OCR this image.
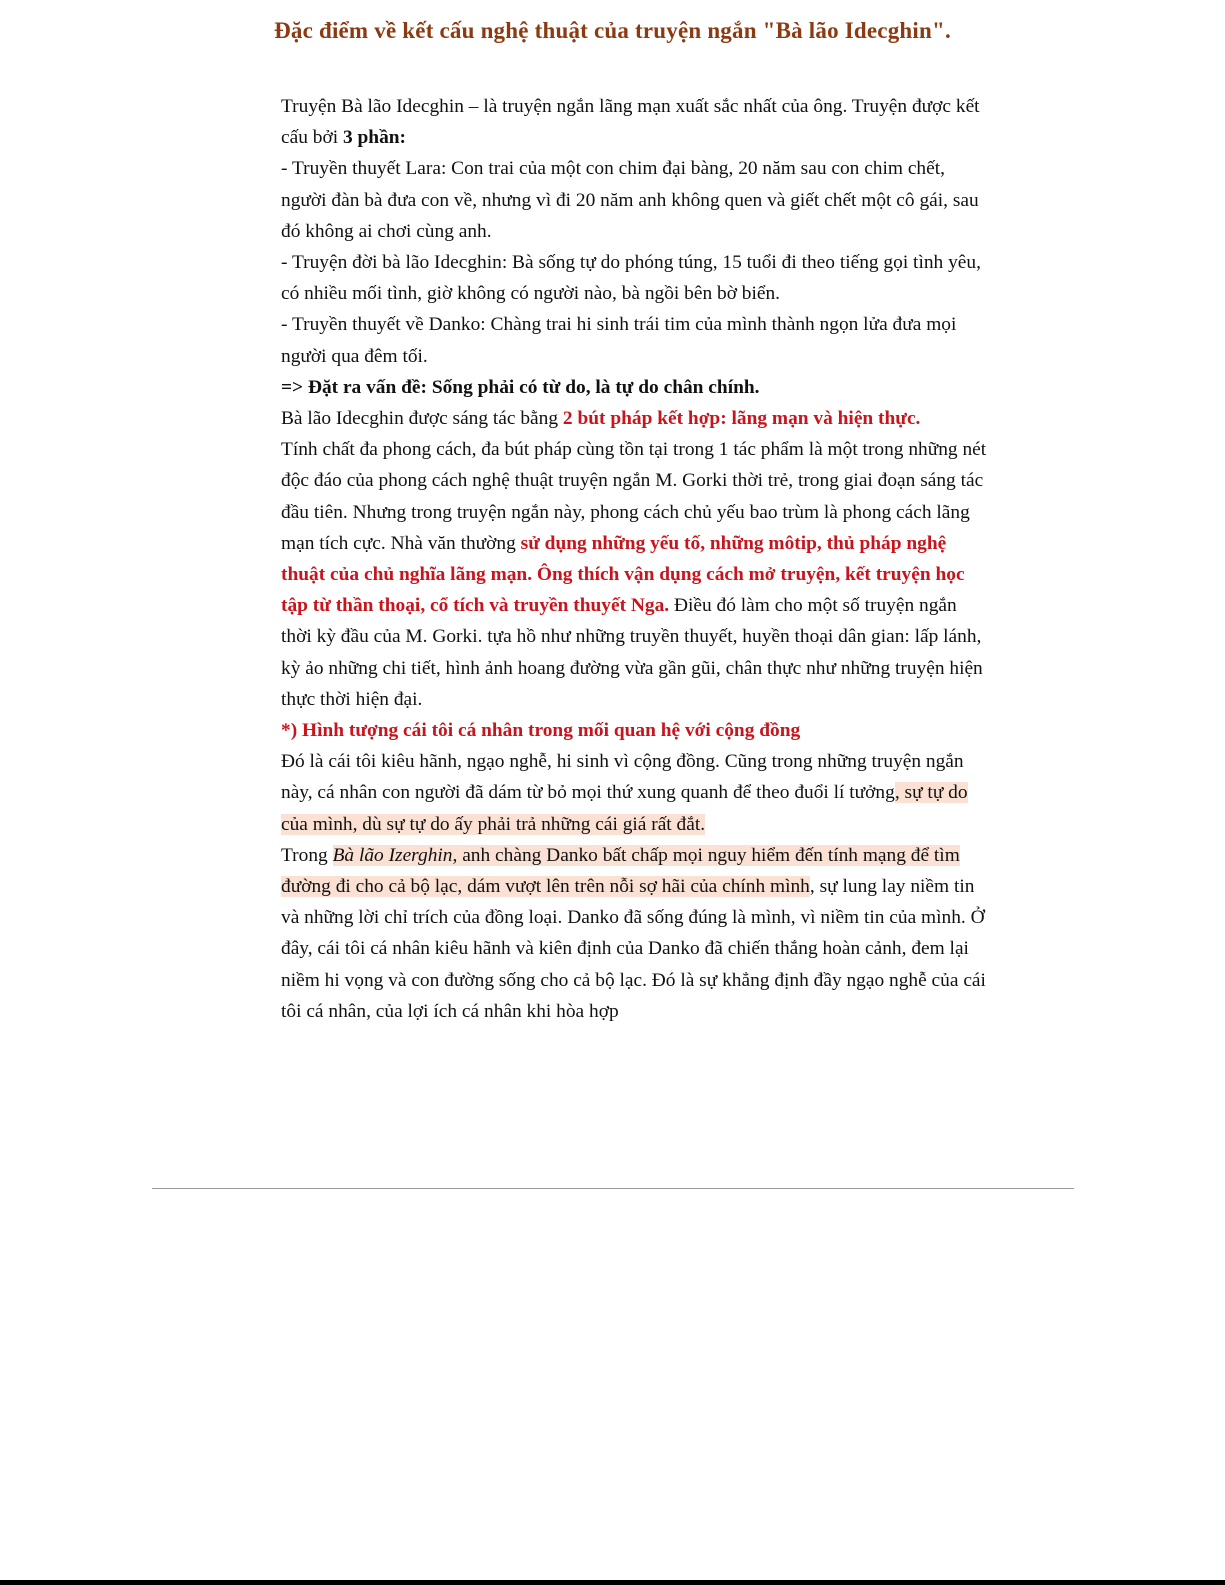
Đặc điểm về kết cấu nghệ thuật của truyện ngắn "Bà lão Idecghin".

Truyện Bà lão Idecghin – là truyện ngắn lãng mạn xuất sắc nhất của ông. Truyện được kết cấu bởi 3 phần:

- Truyền thuyết Lara: Con trai của một con chim đại bàng, 20 năm sau con chim chết, người đàn bà đưa con về, nhưng vì đi 20 năm anh không quen và giết chết một cô gái, sau đó không ai chơi cùng anh.

- Truyện đời bà lão Idecghin: Bà sống tự do phóng túng, 15 tuổi đi theo tiếng gọi tình yêu, có nhiều mối tình, giờ không có người nào, bà ngồi bên bờ biển.

- Truyền thuyết về Danko: Chàng trai hi sinh trái tim của mình thành ngọn lửa đưa mọi người qua đêm tối.

=> Đặt ra vấn đề: Sống phải có từ do, là tự do chân chính.

Bà lão Idecghin được sáng tác bằng 2 bút pháp kết hợp: lãng mạn và hiện thực.

Tính chất đa phong cách, đa bút pháp cùng tồn tại trong 1 tác phẩm là một trong những nét độc đáo của phong cách nghệ thuật truyện ngắn M. Gorki thời trẻ, trong giai đoạn sáng tác đầu tiên. Nhưng trong truyện ngắn này, phong cách chủ yếu bao trùm là phong cách lãng mạn tích cực. Nhà văn thường sử dụng những yếu tố, những môtip, thủ pháp nghệ thuật của chủ nghĩa lãng mạn. Ông thích vận dụng cách mở truyện, kết truyện học tập từ thần thoại, cổ tích và truyền thuyết Nga. Điều đó làm cho một số truyện ngắn thời kỳ đầu của M. Gorki. tựa hồ như những truyền thuyết, huyền thoại dân gian: lấp lánh, kỳ ảo những chi tiết, hình ảnh hoang đường vừa gần gũi, chân thực như những truyện hiện thực thời hiện đại.

*) Hình tượng cái tôi cá nhân trong mối quan hệ với cộng đồng

Đó là cái tôi kiêu hãnh, ngạo nghễ, hi sinh vì cộng đồng. Cũng trong những truyện ngắn này, cá nhân con người đã dám từ bỏ mọi thứ xung quanh để theo đuổi lí tưởng, sự tự do của mình, dù sự tự do ấy phải trả những cái giá rất đắt.

Trong Bà lão Izerghin, anh chàng Danko bất chấp mọi nguy hiểm đến tính mạng để tìm đường đi cho cả bộ lạc, dám vượt lên trên nỗi sợ hãi của chính mình, sự lung lay niềm tin và những lời chỉ trích của đồng loại. Danko đã sống đúng là mình, vì niềm tin của mình. Ở đây, cái tôi cá nhân kiêu hãnh và kiên định của Danko đã chiến thắng hoàn cảnh, đem lại niềm hi vọng và con đường sống cho cả bộ lạc. Đó là sự khẳng định đầy ngạo nghễ của cái tôi cá nhân, của lợi ích cá nhân khi hòa hợp
